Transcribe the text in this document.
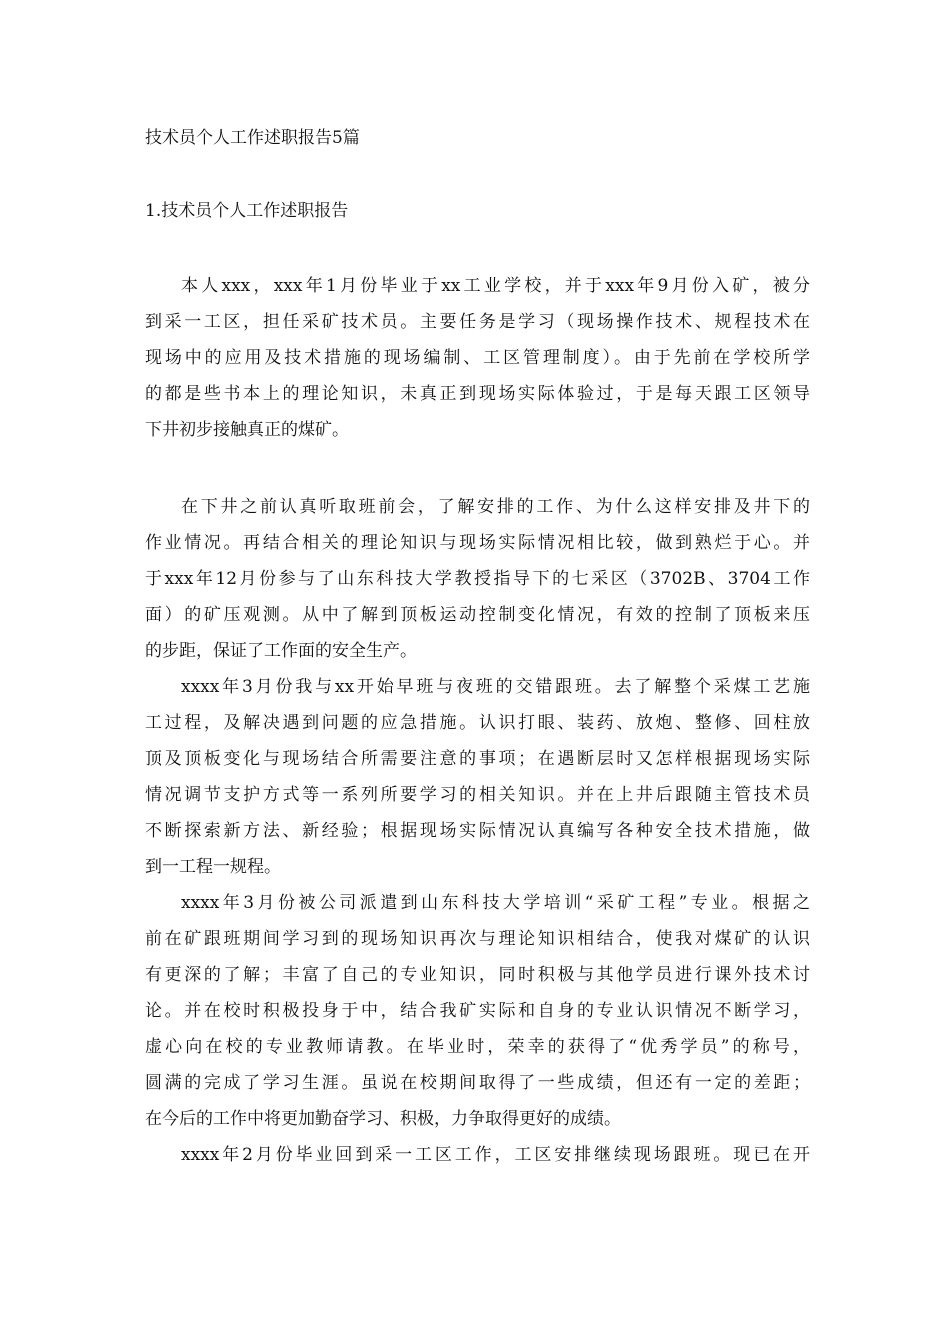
技术员个人工作述职报告5篇
1.技术员个人工作述职报告
本人xxx，xxx年1月份毕业于xx工业学校，并于xxx年9月份入矿，被分
到采一工区，担任采矿技术员。主要任务是学习（现场操作技术、规程技术在
现场中的应用及技术措施的现场编制、工区管理制度）。由于先前在学校所学
的都是些书本上的理论知识，未真正到现场实际体验过，于是每天跟工区领导
下井初步接触真正的煤矿。
在下井之前认真听取班前会，了解安排的工作、为什么这样安排及井下的
作业情况。再结合相关的理论知识与现场实际情况相比较，做到熟烂于心。并
于xxx年12月份参与了山东科技大学教授指导下的七采区（3702B、3704工作
面）的矿压观测。从中了解到顶板运动控制变化情况，有效的控制了顶板来压
的步距，保证了工作面的安全生产。
xxxx年3月份我与xx开始早班与夜班的交错跟班。去了解整个采煤工艺施
工过程，及解决遇到问题的应急措施。认识打眼、装药、放炮、整修、回柱放
顶及顶板变化与现场结合所需要注意的事项；在遇断层时又怎样根据现场实际
情况调节支护方式等一系列所要学习的相关知识。并在上井后跟随主管技术员
不断探索新方法、新经验；根据现场实际情况认真编写各种安全技术措施，做
到一工程一规程。
xxxx年3月份被公司派遣到山东科技大学培训“采矿工程”专业。根据之
前在矿跟班期间学习到的现场知识再次与理论知识相结合，使我对煤矿的认识
有更深的了解；丰富了自己的专业知识，同时积极与其他学员进行课外技术讨
论。并在校时积极投身于中，结合我矿实际和自身的专业认识情况不断学习，
虚心向在校的专业教师请教。在毕业时，荣幸的获得了“优秀学员”的称号，
圆满的完成了学习生涯。虽说在校期间取得了一些成绩，但还有一定的差距；
在今后的工作中将更加勤奋学习、积极，力争取得更好的成绩。
xxxx年2月份毕业回到采一工区工作，工区安排继续现场跟班。现已在开
